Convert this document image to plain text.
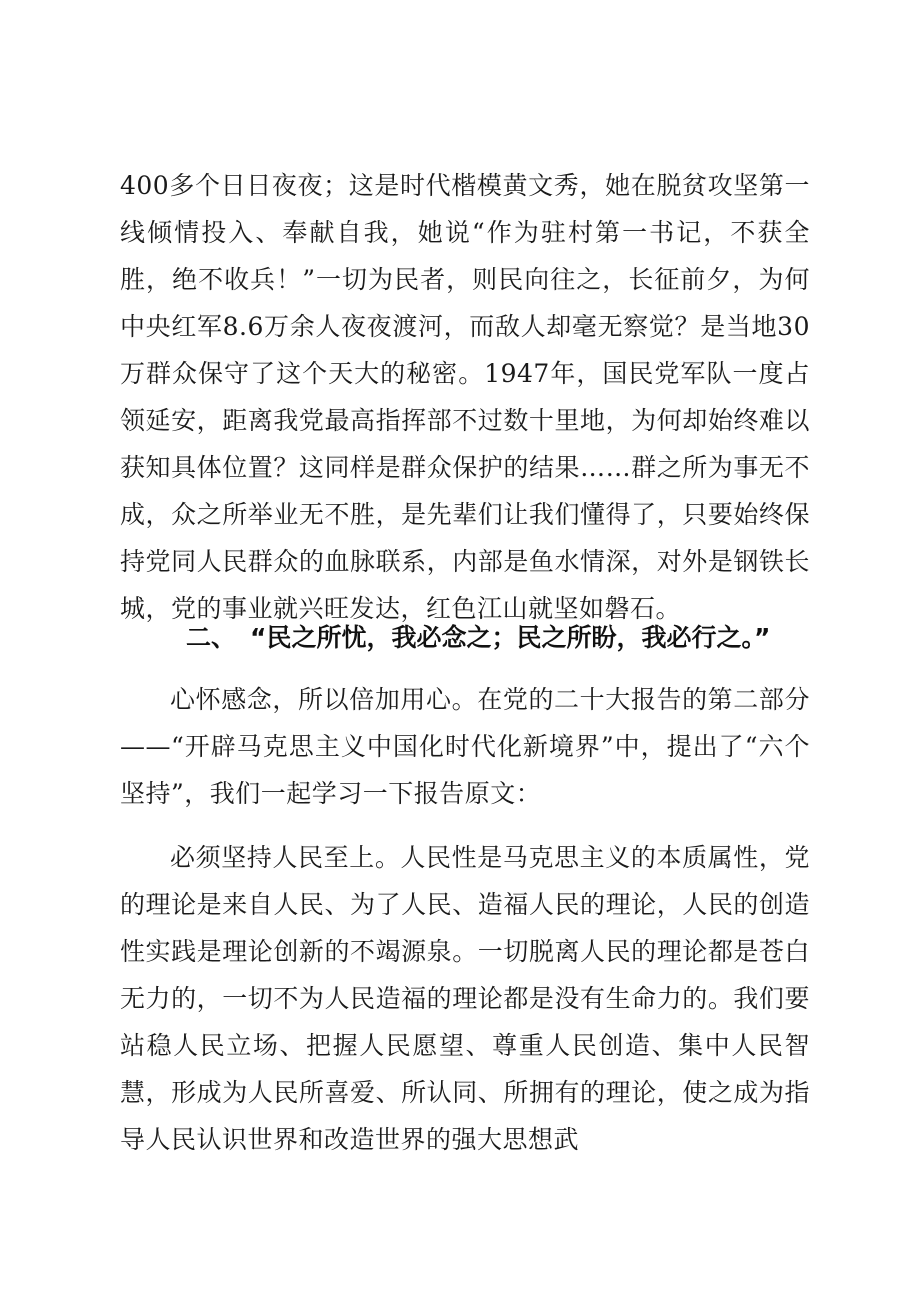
400多个日日夜夜；这是时代楷模黄文秀，她在脱贫攻坚第一线倾情投入、奉献自我，她说“作为驻村第一书记，不获全胜，绝不收兵！”一切为民者，则民向往之，长征前夕，为何中央红军8.6万余人夜夜渡河，而敌人却毫无察觉？是当地30万群众保守了这个天大的秘密。1947年，国民党军队一度占领延安，距离我党最高指挥部不过数十里地，为何却始终难以获知具体位置？这同样是群众保护的结果……群之所为事无不成，众之所举业无不胜，是先辈们让我们懂得了，只要始终保持党同人民群众的血脉联系，内部是鱼水情深，对外是钢铁长城，党的事业就兴旺发达，红色江山就坚如磐石。

二、 “民之所忧，我必念之；民之所盼，我必行之。”

心怀感念，所以倍加用心。在党的二十大报告的第二部分——“开辟马克思主义中国化时代化新境界”中，提出了“六个坚持”，我们一起学习一下报告原文：

必须坚持人民至上。人民性是马克思主义的本质属性，党的理论是来自人民、为了人民、造福人民的理论，人民的创造性实践是理论创新的不竭源泉。一切脱离人民的理论都是苍白无力的，一切不为人民造福的理论都是没有生命力的。我们要站稳人民立场、把握人民愿望、尊重人民创造、集中人民智慧，形成为人民所喜爱、所认同、所拥有的理论，使之成为指导人民认识世界和改造世界的强大思想武
